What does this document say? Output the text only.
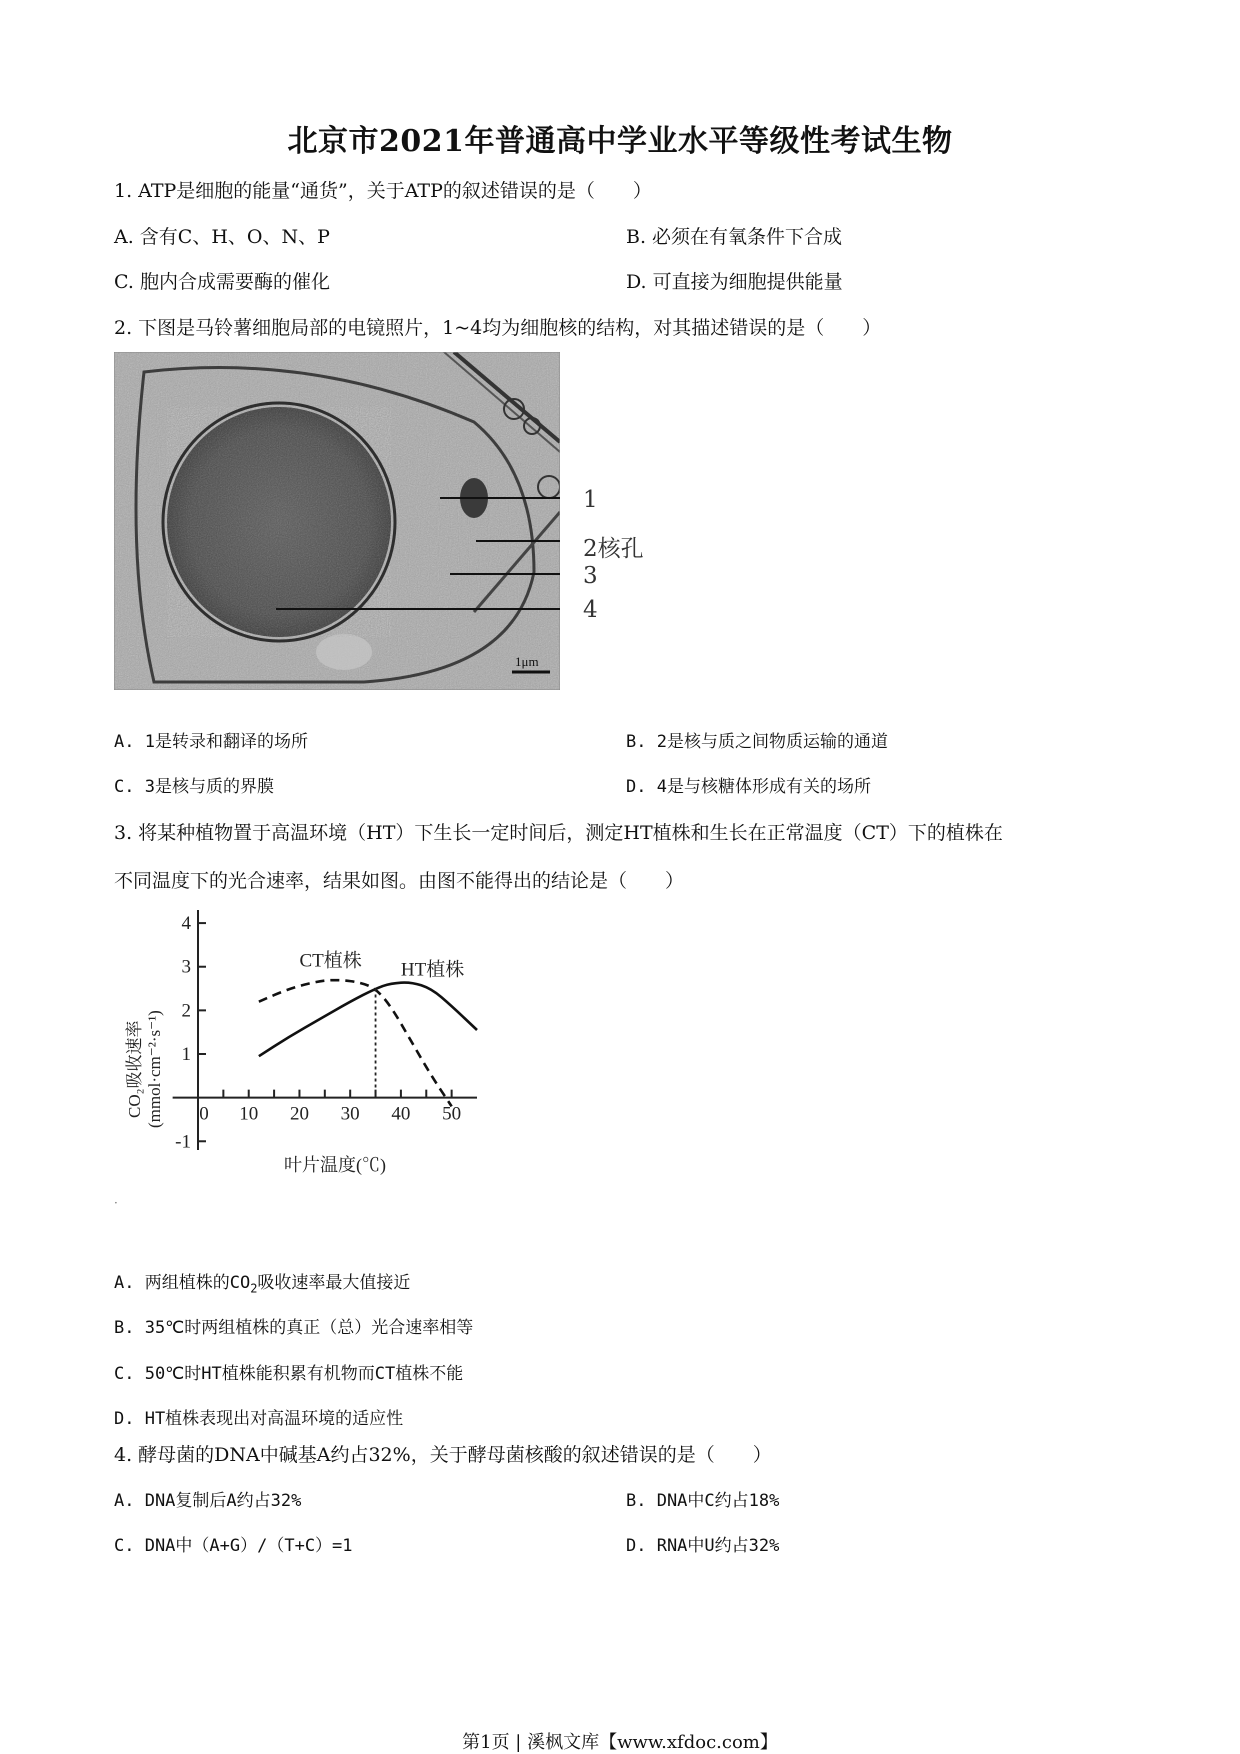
北京市2021年普通高中学业水平等级性考试生物
1. ATP是细胞的能量“通货”，关于ATP的叙述错误的是（　　）
A. 含有C、H、O、N、P	B. 必须在有氧条件下合成
C. 胞内合成需要酶的催化	D. 可直接为细胞提供能量
2. 下图是马铃薯细胞局部的电镜照片，1~4均为细胞核的结构，对其描述错误的是（　　）
1μm
1
2核孔
3
4
A. 1是转录和翻译的场所	B. 2是核与质之间物质运输的通道
C. 3是核与质的界膜	D. 4是与核糖体形成有关的场所
3. 将某种植物置于高温环境（HT）下生长一定时间后，测定HT植株和生长在正常温度（CT）下的植株在
不同温度下的光合速率，结果如图。由图不能得出的结论是（　　）
4
3
2
1
-1
0 10 20 30 40 50
CT植株 HT植株
CO₂吸收速率 (mmol·cm⁻²·s⁻¹)
叶片温度(℃)
·
A. 两组植株的$CO_2$吸收速率最大值接近
B. 35℃时两组植株的真正（总）光合速率相等
C. 50℃时HT植株能积累有机物而CT植株不能
D. HT植株表现出对高温环境的适应性
4. 酵母菌的DNA中碱基A约占32%，关于酵母菌核酸的叙述错误的是（　　）
A. DNA复制后A约占32%	B. DNA中C约占18%
C. DNA中（A+G）/（T+C）=1	D. RNA中U约占32%
第1页 | 溪枫文库【www.xfdoc.com】
